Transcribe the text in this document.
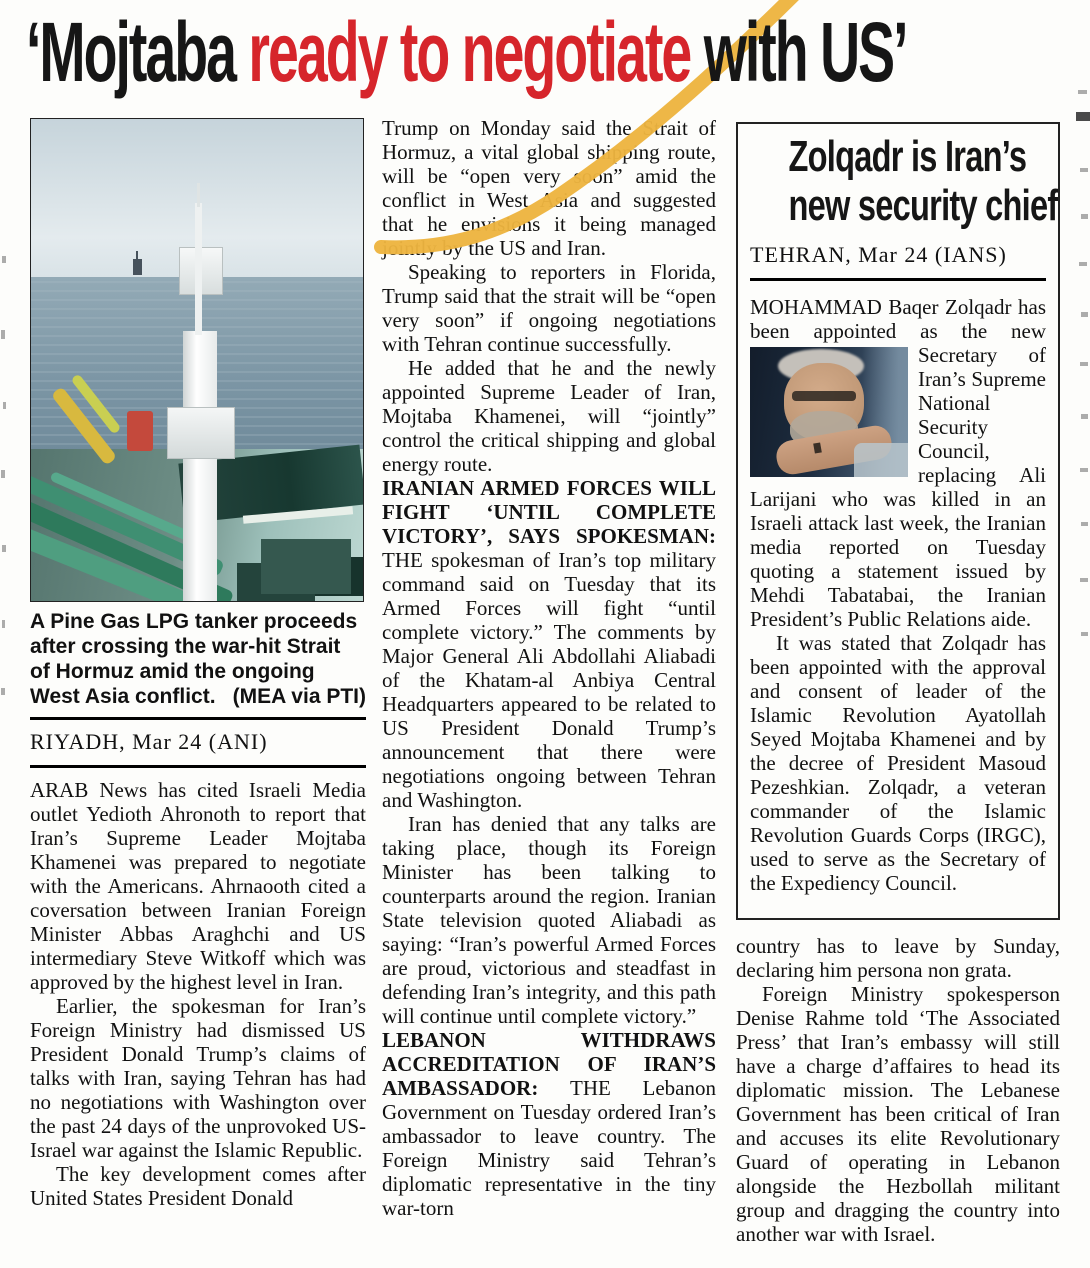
‘Mojtaba ready to negotiate with US’

A Pine Gas LPG tanker proceeds after crossing the war-hit Strait of Hormuz amid the ongoing West Asia conflict. (MEA via PTI)

RIYADH, Mar 24 (ANI)

ARAB News has cited Israeli Media outlet Yedioth Ahronoth to report that Iran’s Supreme Leader Mojtaba Khamenei was prepared to negotiate with the Americans. Ahrnaooth cited a coversation between Iranian Foreign Minister Abbas Araghchi and US intermediary Steve Witkoff which was approved by the highest level in Iran.

Earlier, the spokesman for Iran’s Foreign Ministry had dismissed US President Donald Trump’s claims of talks with Iran, saying Tehran has had no negotiations with Washington over the past 24 days of the unprovoked US-Israel war against the Islamic Republic.

The key development comes after United States President Donald

Trump on Monday said the Strait of Hormuz, a vital global shipping route, will be “open very soon” amid the conflict in West Asia and suggested that he envisions it being managed jointly by the US and Iran.

Speaking to reporters in Florida, Trump said that the strait will be “open very soon” if ongoing negotiations with Tehran continue successfully.

He added that he and the newly appointed Supreme Leader of Iran, Mojtaba Khamenei, will “jointly” control the critical shipping and global energy route.

IRANIAN ARMED FORCES WILL FIGHT ‘UNTIL COMPLETE VICTORY’, SAYS SPOKESMAN: THE spokesman of Iran’s top military command said on Tuesday that its Armed Forces will fight “until complete victory.” The comments by Major General Ali Abdollahi Aliabadi of the Khatam-al Anbiya Central Headquarters appeared to be related to US President Donald Trump’s announcement that there were negotiations ongoing between Tehran and Washington.

Iran has denied that any talks are taking place, though its Foreign Minister has been talking to counterparts around the region. Iranian State television quoted Aliabadi as saying: “Iran’s powerful Armed Forces are proud, victorious and steadfast in defending Iran’s integrity, and this path will continue until complete victory.”

LEBANON WITHDRAWS ACCREDITATION OF IRAN’S AMBASSADOR: THE Lebanon Government on Tuesday ordered Iran’s ambassador to leave country. The Foreign Ministry said Tehran’s diplomatic representative in the tiny war-torn

Zolqadr is Iran’s
new security chief
TEHRAN, Mar 24 (IANS)

MOHAMMAD Baqer Zolqadr has been appointed as the new
Secretary of Iran’s Supreme National Security Council, replacing Ali Larijani who was killed in an Israeli attack last week, the Iranian media reported on Tuesday quoting a statement issued by Mehdi Tabatabai, the Iranian President’s Public Relations aide.

It was stated that Zolqadr has been appointed with the approval and consent of leader of the Islamic Revolution Ayatollah Seyed Mojtaba Khamenei and by the decree of President Masoud Pezeshkian. Zolqadr, a veteran commander of the Islamic Revolution Guards Corps (IRGC), used to serve as the Secretary of the Expediency Council.

country has to leave by Sunday, declaring him persona non grata.

Foreign Ministry spokesperson Denise Rahme told ‘The Associated Press’ that Iran’s embassy will still have a charge d’affaires to head its diplomatic mission. The Lebanese Government has been critical of Iran and accuses its elite Revolutionary Guard of operating in Lebanon alongside the Hezbollah militant group and dragging the country into another war with Israel.
